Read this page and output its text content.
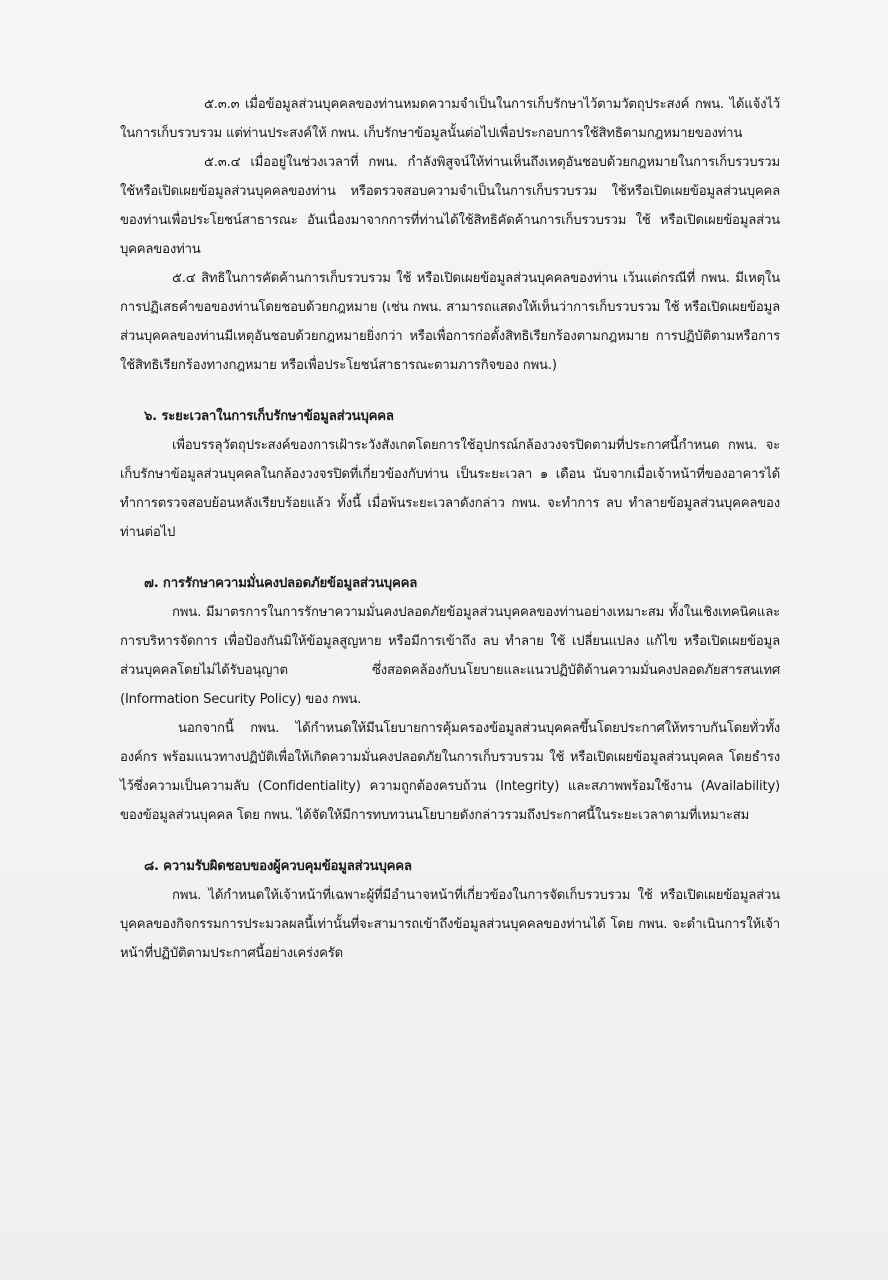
๕.๓.๓ เมื่อข้อมูลส่วนบุคคลของท่านหมดความจำเป็นในการเก็บรักษาไว้ตามวัตถุประสงค์ กพน. ได้แจ้งไว้ในการเก็บรวบรวม แต่ท่านประสงค์ให้ กพน. เก็บรักษาข้อมูลนั้นต่อไปเพื่อประกอบการใช้สิทธิตามกฎหมายของท่าน

๕.๓.๔ เมื่ออยู่ในช่วงเวลาที่ กพน. กำลังพิสูจน์ให้ท่านเห็นถึงเหตุอันชอบด้วยกฎหมายในการเก็บรวบรวม ใช้หรือเปิดเผยข้อมูลส่วนบุคคลของท่าน หรือตรวจสอบความจำเป็นในการเก็บรวบรวม ใช้หรือเปิดเผยข้อมูลส่วนบุคคลของท่านเพื่อประโยชน์สาธารณะ อันเนื่องมาจากการที่ท่านได้ใช้สิทธิคัดค้านการเก็บรวบรวม ใช้ หรือเปิดเผยข้อมูลส่วนบุคคลของท่าน

๕.๔ สิทธิในการคัดค้านการเก็บรวบรวม ใช้ หรือเปิดเผยข้อมูลส่วนบุคคลของท่าน เว้นแต่กรณีที่ กพน. มีเหตุในการปฏิเสธคำขอของท่านโดยชอบด้วยกฎหมาย (เช่น กพน. สามารถแสดงให้เห็นว่าการเก็บรวบรวม ใช้ หรือเปิดเผยข้อมูลส่วนบุคคลของท่านมีเหตุอันชอบด้วยกฎหมายยิ่งกว่า หรือเพื่อการก่อตั้งสิทธิเรียกร้องตามกฎหมาย การปฏิบัติตามหรือการใช้สิทธิเรียกร้องทางกฎหมาย หรือเพื่อประโยชน์สาธารณะตามภารกิจของ กพน.)

๖. ระยะเวลาในการเก็บรักษาข้อมูลส่วนบุคคล

เพื่อบรรลุวัตถุประสงค์ของการเฝ้าระวังสังเกตโดยการใช้อุปกรณ์กล้องวงจรปิดตามที่ประกาศนี้กำหนด กพน. จะเก็บรักษาข้อมูลส่วนบุคคลในกล้องวงจรปิดที่เกี่ยวข้องกับท่าน เป็นระยะเวลา ๑ เดือน นับจากเมื่อเจ้าหน้าที่ของอาคารได้ทำการตรวจสอบย้อนหลังเรียบร้อยแล้ว ทั้งนี้ เมื่อพ้นระยะเวลาดังกล่าว กพน. จะทำการ ลบ ทำลายข้อมูลส่วนบุคคลของท่านต่อไป

๗. การรักษาความมั่นคงปลอดภัยข้อมูลส่วนบุคคล

กพน. มีมาตรการในการรักษาความมั่นคงปลอดภัยข้อมูลส่วนบุคคลของท่านอย่างเหมาะสม ทั้งในเชิงเทคนิคและการบริหารจัดการ เพื่อป้องกันมิให้ข้อมูลสูญหาย หรือมีการเข้าถึง ลบ ทำลาย ใช้ เปลี่ยนแปลง แก้ไข หรือเปิดเผยข้อมูลส่วนบุคคลโดยไม่ได้รับอนุญาต ซึ่งสอดคล้องกับนโยบายและแนวปฏิบัติด้านความมั่นคงปลอดภัยสารสนเทศ (Information Security Policy) ของ กพน.

นอกจากนี้ กพน. ได้กำหนดให้มีนโยบายการคุ้มครองข้อมูลส่วนบุคคลขึ้นโดยประกาศให้ทราบกันโดยทั่วทั้งองค์กร พร้อมแนวทางปฏิบัติเพื่อให้เกิดความมั่นคงปลอดภัยในการเก็บรวบรวม ใช้ หรือเปิดเผยข้อมูลส่วนบุคคล โดยธำรงไว้ซึ่งความเป็นความลับ (Confidentiality) ความถูกต้องครบถ้วน (Integrity) และสภาพพร้อมใช้งาน (Availability) ของข้อมูลส่วนบุคคล โดย กพน. ได้จัดให้มีการทบทวนนโยบายดังกล่าวรวมถึงประกาศนี้ในระยะเวลาตามที่เหมาะสม

๘. ความรับผิดชอบของผู้ควบคุมข้อมูลส่วนบุคคล

กพน. ได้กำหนดให้เจ้าหน้าที่เฉพาะผู้ที่มีอำนาจหน้าที่เกี่ยวข้องในการจัดเก็บรวบรวม ใช้ หรือเปิดเผยข้อมูลส่วนบุคคลของกิจกรรมการประมวลผลนี้เท่านั้นที่จะสามารถเข้าถึงข้อมูลส่วนบุคคลของท่านได้ โดย กพน. จะดำเนินการให้เจ้าหน้าที่ปฏิบัติตามประกาศนี้อย่างเคร่งครัด
